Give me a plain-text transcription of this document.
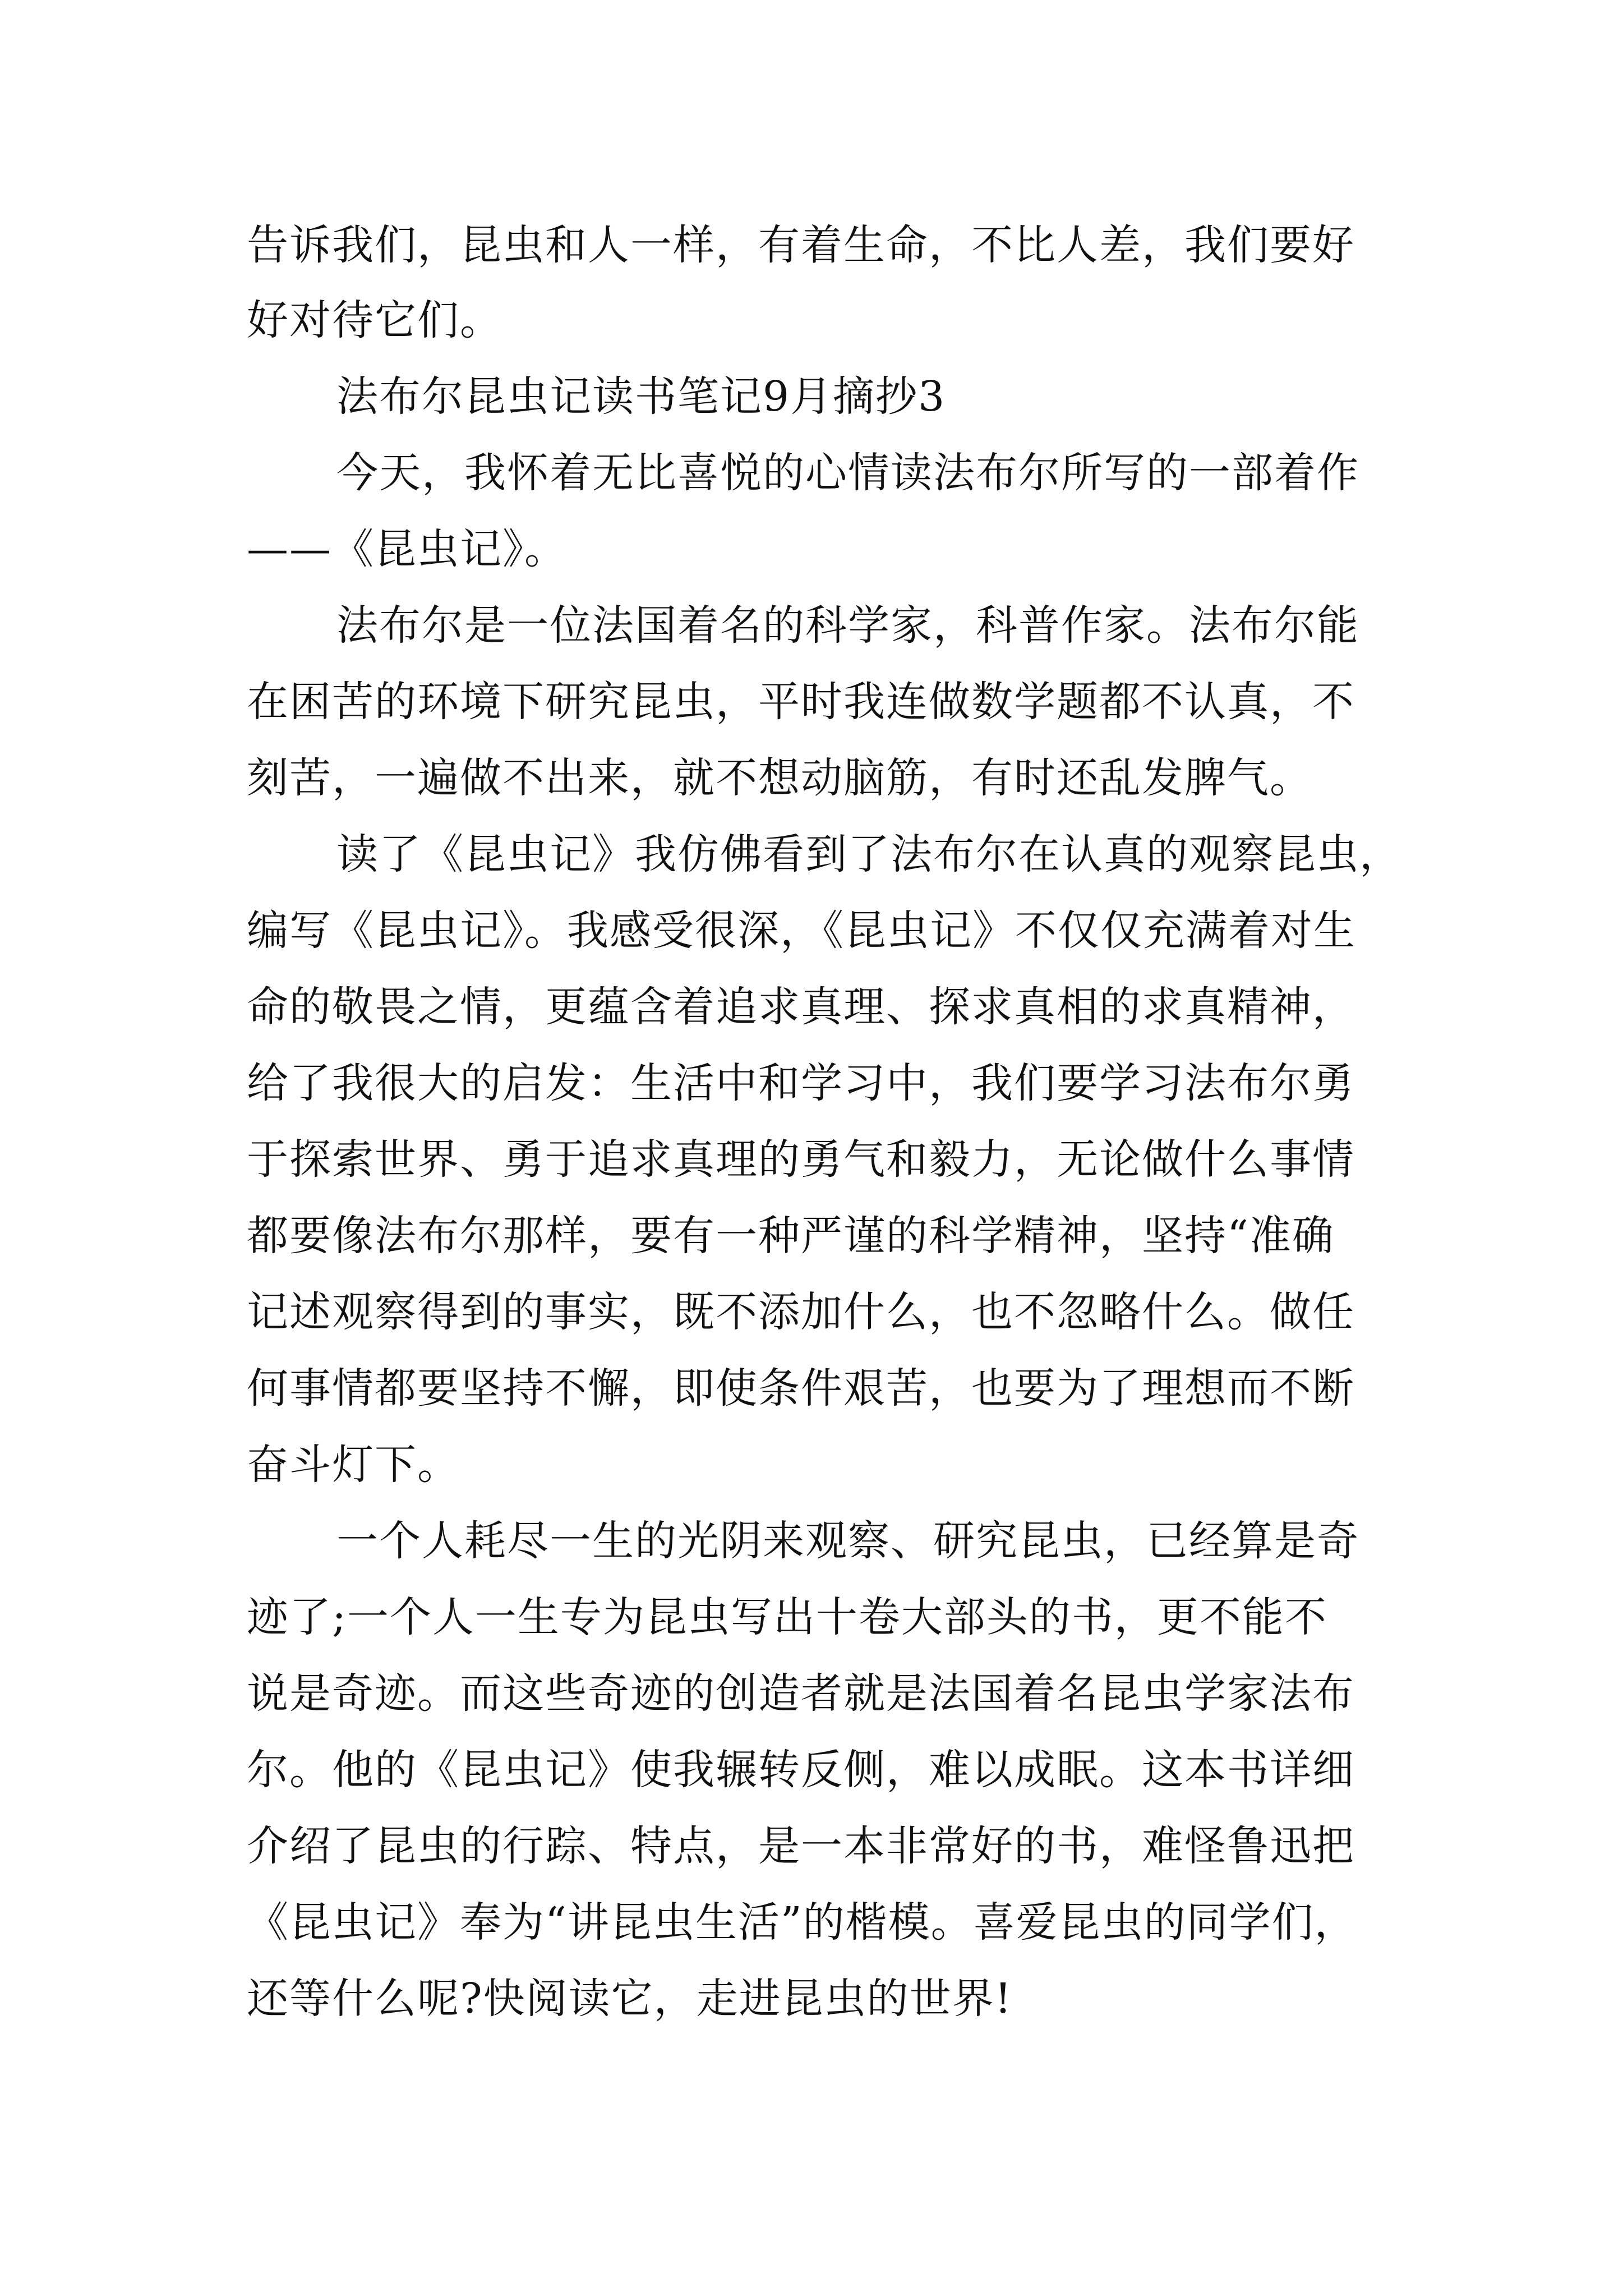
告诉我们，昆虫和人一样，有着生命，不比人差，我们要好
好对待它们。
法布尔昆虫记读书笔记9月摘抄3
今天，我怀着无比喜悦的心情读法布尔所写的一部着作
——《昆虫记》。
法布尔是一位法国着名的科学家，科普作家。法布尔能
在困苦的环境下研究昆虫，平时我连做数学题都不认真，不
刻苦，一遍做不出来，就不想动脑筋，有时还乱发脾气。
读了《昆虫记》我仿佛看到了法布尔在认真的观察昆虫，
编写《昆虫记》。我感受很深，《昆虫记》不仅仅充满着对生
命的敬畏之情，更蕴含着追求真理、探求真相的求真精神，
给了我很大的启发：生活中和学习中，我们要学习法布尔勇
于探索世界、勇于追求真理的勇气和毅力，无论做什么事情
都要像法布尔那样，要有一种严谨的科学精神，坚持“准确
记述观察得到的事实，既不添加什么，也不忽略什么。做任
何事情都要坚持不懈，即使条件艰苦，也要为了理想而不断
奋斗灯下。
一个人耗尽一生的光阴来观察、研究昆虫，已经算是奇
迹了;一个人一生专为昆虫写出十卷大部头的书，更不能不
说是奇迹。而这些奇迹的创造者就是法国着名昆虫学家法布
尔。他的《昆虫记》使我辗转反侧，难以成眠。这本书详细
介绍了昆虫的行踪、特点，是一本非常好的书，难怪鲁迅把
《昆虫记》奉为“讲昆虫生活”的楷模。喜爱昆虫的同学们，
还等什么呢?快阅读它，走进昆虫的世界!
